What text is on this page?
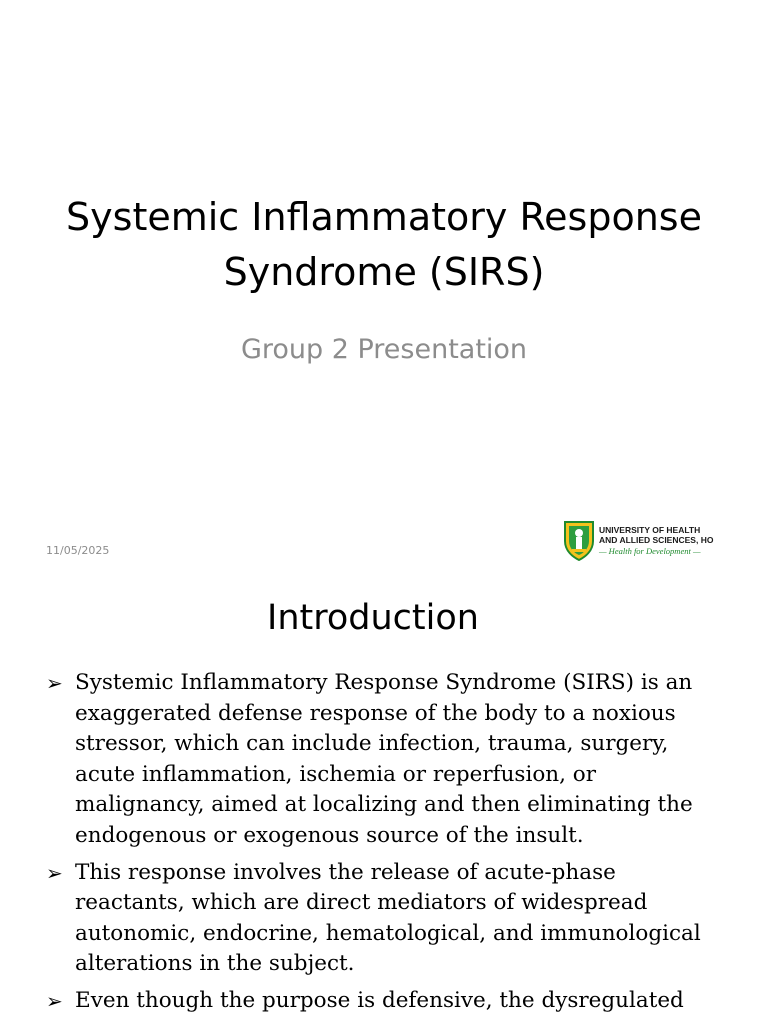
Systemic Inflammatory Response Syndrome (SIRS)
Group 2 Presentation
11/05/2025
UNIVERSITY OF HEALTH
AND ALLIED SCIENCES, HO
— Health for Development —
Introduction
➢ Systemic Inflammatory Response Syndrome (SIRS) is an exaggerated defense response of the body to a noxious stressor, which can include infection, trauma, surgery, acute inflammation, ischemia or reperfusion, or malignancy, aimed at localizing and then eliminating the endogenous or exogenous source of the insult.
➢ This response involves the release of acute-phase reactants, which are direct mediators of widespread autonomic, endocrine, hematological, and immunological alterations in the subject.
➢ Even though the purpose is defensive, the dysregulated
